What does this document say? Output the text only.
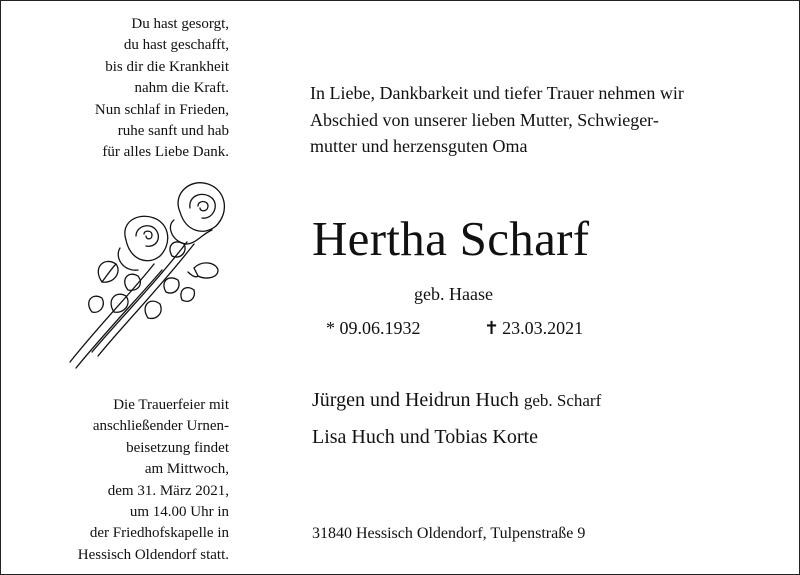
Du hast gesorgt,
du hast geschafft,
bis dir die Krankheit
nahm die Kraft.
Nun schlaf in Frieden,
ruhe sanft und hab
für alles Liebe Dank.
Die Trauerfeier mit
anschließender Urnen-
beisetzung findet
am Mittwoch,
dem 31. März 2021,
um 14.00 Uhr in
der Friedhofskapelle in
Hessisch Oldendorf statt.
In Liebe, Dankbarkeit und tiefer Trauer nehmen wir
Abschied von unserer lieben Mutter, Schwieger-
mutter und herzensguten Oma
Hertha Scharf
geb. Haase
* 09.06.1932	✝ 23.03.2021
Jürgen und Heidrun Huch geb. Scharf
Lisa Huch und Tobias Korte
31840 Hessisch Oldendorf, Tulpenstraße 9
